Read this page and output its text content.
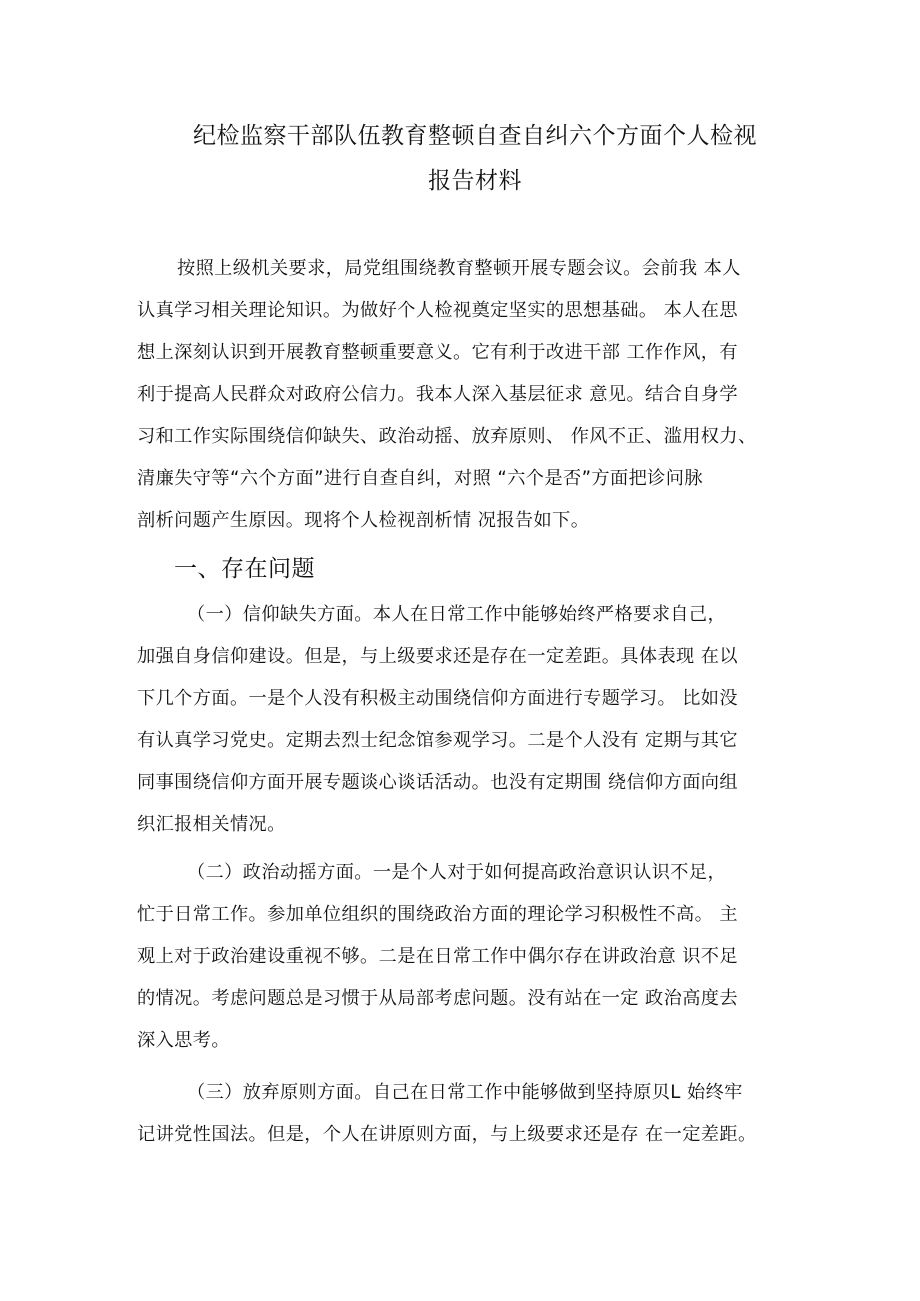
纪检监察干部队伍教育整顿自查自纠六个方面个人检视
报告材料
按照上级机关要求，局党组围绕教育整顿开展专题会议。会前我 本人
认真学习相关理论知识。为做好个人检视奠定坚实的思想基础。 本人在思
想上深刻认识到开展教育整顿重要意义。它有利于改进干部 工作作风，有
利于提高人民群众对政府公信力。我本人深入基层征求 意见。结合自身学
习和工作实际围绕信仰缺失、政治动摇、放弃原则、 作风不正、滥用权力、
清廉失守等“六个方面”进行自查自纠，对照 “六个是否”方面把诊问脉
剖析问题产生原因。现将个人检视剖析情 况报告如下。
一、存在问题
（一）信仰缺失方面。本人在日常工作中能够始终严格要求自己，
加强自身信仰建设。但是，与上级要求还是存在一定差距。具体表现 在以
下几个方面。一是个人没有积极主动围绕信仰方面进行专题学习。 比如没
有认真学习党史。定期去烈士纪念馆参观学习。二是个人没有 定期与其它
同事围绕信仰方面开展专题谈心谈话活动。也没有定期围 绕信仰方面向组
织汇报相关情况。
（二）政治动摇方面。一是个人对于如何提高政治意识认识不足，
忙于日常工作。参加单位组织的围绕政治方面的理论学习积极性不高。 主
观上对于政治建设重视不够。二是在日常工作中偶尔存在讲政治意 识不足
的情况。考虑问题总是习惯于从局部考虑问题。没有站在一定 政治高度去
深入思考。
（三）放弃原则方面。自己在日常工作中能够做到坚持原贝L 始终牢
记讲党性国法。但是，个人在讲原则方面，与上级要求还是存 在一定差距。
